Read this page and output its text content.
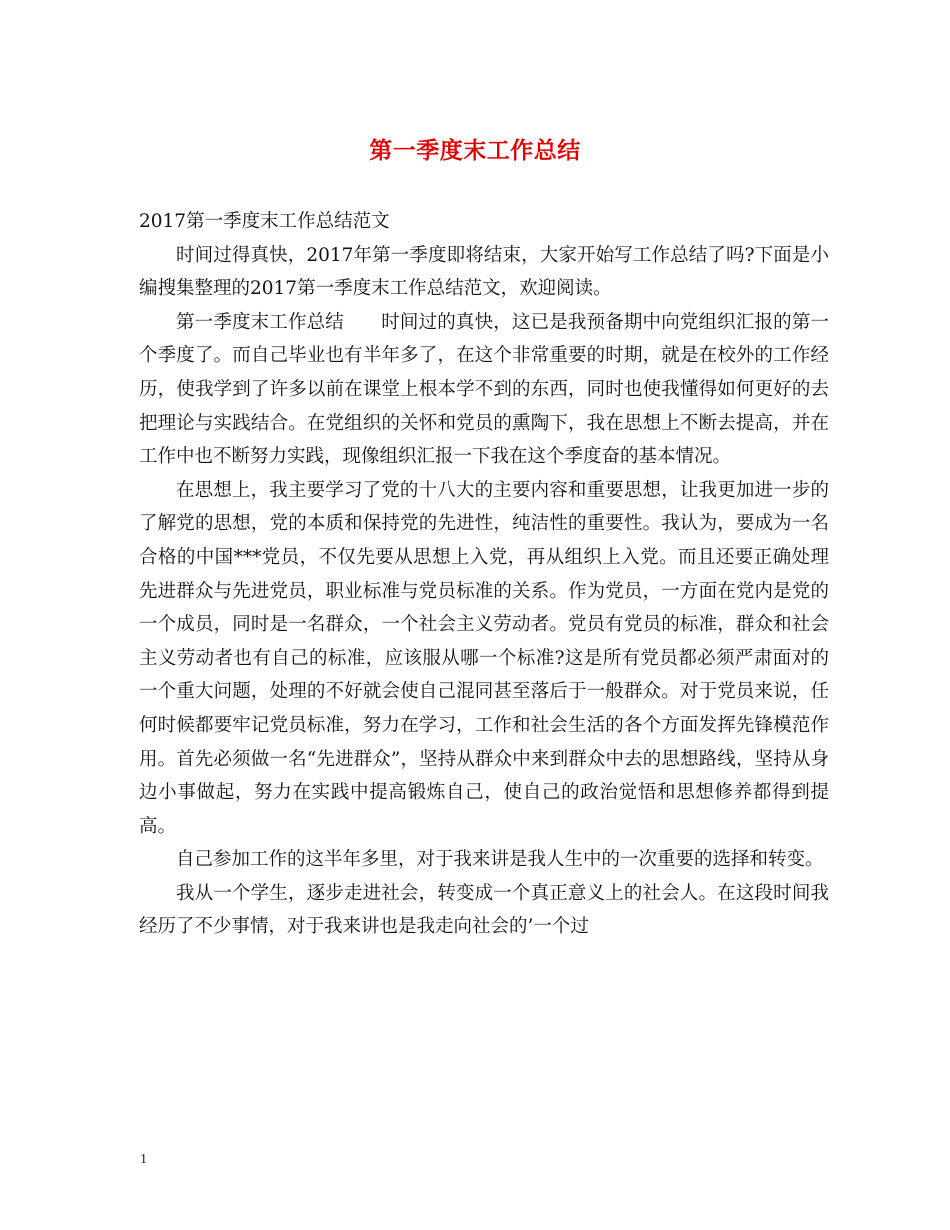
第一季度末工作总结

2017第一季度末工作总结范文

时间过得真快，2017年第一季度即将结束，大家开始写工作总结了吗?下面是小编搜集整理的2017第一季度末工作总结范文，欢迎阅读。

第一季度末工作总结　　时间过的真快，这已是我预备期中向党组织汇报的第一个季度了。而自己毕业也有半年多了，在这个非常重要的时期，就是在校外的工作经历，使我学到了许多以前在课堂上根本学不到的东西，同时也使我懂得如何更好的去把理论与实践结合。在党组织的关怀和党员的熏陶下，我在思想上不断去提高，并在工作中也不断努力实践，现像组织汇报一下我在这个季度奋的基本情况。

在思想上，我主要学习了党的十八大的主要内容和重要思想，让我更加进一步的了解党的思想，党的本质和保持党的先进性，纯洁性的重要性。我认为，要成为一名合格的中国***党员，不仅先要从思想上入党，再从组织上入党。而且还要正确处理先进群众与先进党员，职业标准与党员标准的关系。作为党员，一方面在党内是党的一个成员，同时是一名群众，一个社会主义劳动者。党员有党员的标准，群众和社会主义劳动者也有自己的标准，应该服从哪一个标准?这是所有党员都必须严肃面对的一个重大问题，处理的不好就会使自己混同甚至落后于一般群众。对于党员来说，任何时候都要牢记党员标准，努力在学习，工作和社会生活的各个方面发挥先锋模范作用。首先必须做一名“先进群众”，坚持从群众中来到群众中去的思想路线，坚持从身边小事做起，努力在实践中提高锻炼自己，使自己的政治觉悟和思想修养都得到提高。

自己参加工作的这半年多里，对于我来讲是我人生中的一次重要的选择和转变。

我从一个学生，逐步走进社会，转变成一个真正意义上的社会人。在这段时间我经历了不少事情，对于我来讲也是我走向社会的’一个过

1
